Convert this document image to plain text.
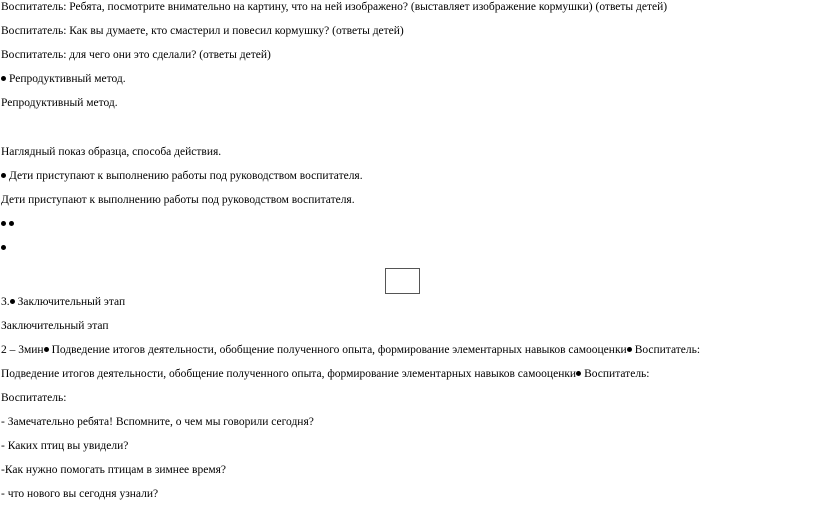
Воспитатель: Ребята, посмотрите внимательно на картину, что на ней изображено? (выставляет изображение кормушки) (ответы детей)
Воспитатель: Как вы думаете, кто смастерил и повесил кормушку? (ответы детей)
Воспитатель: для чего они это сделали? (ответы детей)
Репродуктивный метод.
Репродуктивный метод.
Наглядный показ образца, способа действия.
Дети приступают к выполнению работы под руководством воспитателя.
Дети приступают к выполнению работы под руководством воспитателя.
3. Заключительный этап
Заключительный этап
2 – 3мин Подведение итогов деятельности, обобщение полученного опыта, формирование элементарных навыков самооценки Воспитатель:
Подведение итогов деятельности, обобщение полученного опыта, формирование элементарных навыков самооценки Воспитатель:
Воспитатель:
- Замечательно ребята! Вспомните, о чем мы говорили сегодня?
- Каких птиц вы увидели?
-Как нужно помогать птицам в зимнее время?
- что нового вы сегодня узнали?
